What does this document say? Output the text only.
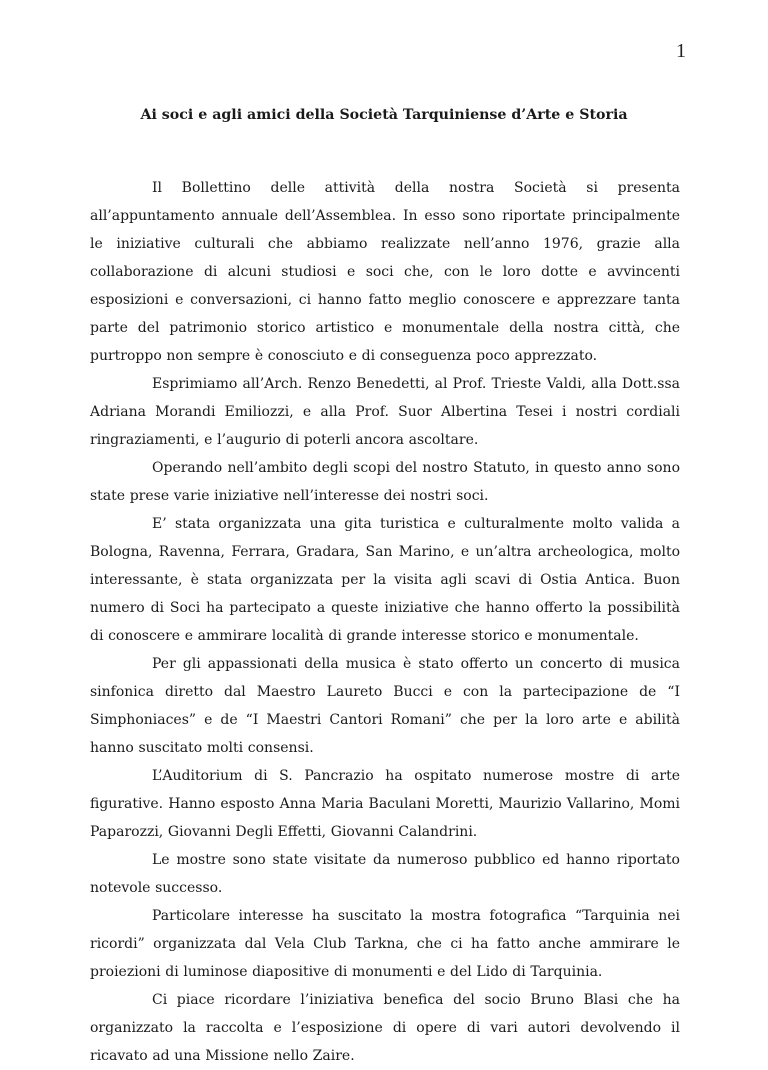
1
Ai soci e agli amici della Società Tarquiniense d’Arte e Storia

Il Bollettino delle attività della nostra Società si presenta all’appuntamento annuale dell’Assemblea. In esso sono riportate principalmente le iniziative culturali che abbiamo realizzate nell’anno 1976, grazie alla collaborazione di alcuni studiosi e soci che, con le loro dotte e avvincenti esposizioni e conversazioni, ci hanno fatto meglio conoscere e apprezzare tanta parte del patrimonio storico artistico e monumentale della nostra città, che purtroppo non sempre è conosciuto e di conseguenza poco apprezzato.

Esprimiamo all’Arch. Renzo Benedetti, al Prof. Trieste Valdi, alla Dott.ssa Adriana Morandi Emiliozzi, e alla Prof. Suor Albertina Tesei i nostri cordiali ringraziamenti, e l’augurio di poterli ancora ascoltare.

Operando nell’ambito degli scopi del nostro Statuto, in questo anno sono state prese varie iniziative nell’interesse dei nostri soci.

E’ stata organizzata una gita turistica e culturalmente molto valida a Bologna, Ravenna, Ferrara, Gradara, San Marino, e un’altra archeologica, molto interessante, è stata organizzata per la visita agli scavi di Ostia Antica. Buon numero di Soci ha partecipato a queste iniziative che hanno offerto la possibilità di conoscere e ammirare località di grande interesse storico e monumentale.

Per gli appassionati della musica è stato offerto un concerto di musica sinfonica diretto dal Maestro Laureto Bucci e con la partecipazione de “I Simphoniaces” e de “I Maestri Cantori Romani” che per la loro arte e abilità hanno suscitato molti consensi.

L’Auditorium di S. Pancrazio ha ospitato numerose mostre di arte figurative. Hanno esposto Anna Maria Baculani Moretti, Maurizio Vallarino, Momi Paparozzi, Giovanni Degli Effetti, Giovanni Calandrini.

Le mostre sono state visitate da numeroso pubblico ed hanno riportato notevole successo.

Particolare interesse ha suscitato la mostra fotografica “Tarquinia nei ricordi” organizzata dal Vela Club Tarkna, che ci ha fatto anche ammirare le proiezioni di luminose diapositive di monumenti e del Lido di Tarquinia.

Ci piace ricordare l’iniziativa benefica del socio Bruno Blasi che ha organizzato la raccolta e l’esposizione di opere di vari autori devolvendo il ricavato ad una Missione nello Zaire.
